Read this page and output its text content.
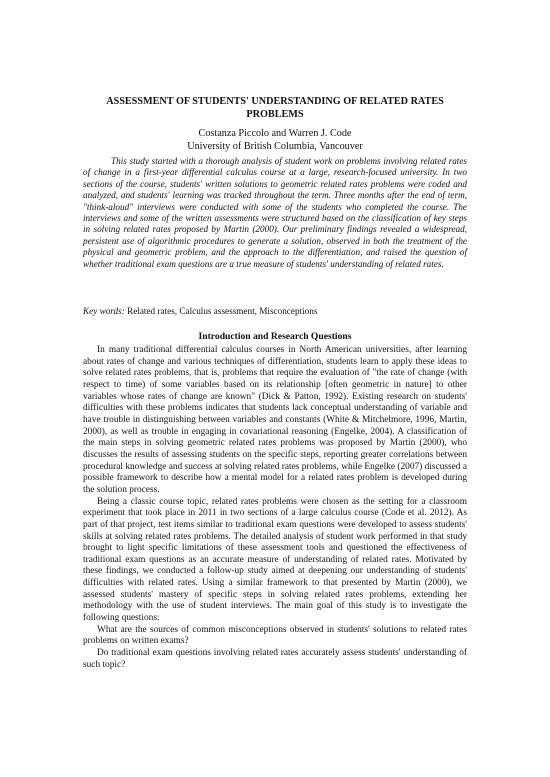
ASSESSMENT OF STUDENTS' UNDERSTANDING OF RELATED RATES PROBLEMS
Costanza Piccolo and Warren J. Code
University of British Columbia, Vancouver
This study started with a thorough analysis of student work on problems involving related rates of change in a first-year differential calculus course at a large, research-focused university. In two sections of the course, students' written solutions to geometric related rates problems were coded and analyzed, and students' learning was tracked throughout the term. Three months after the end of term, "think-aloud" interviews were conducted with some of the students who completed the course. The interviews and some of the written assessments were structured based on the classification of key steps in solving related rates proposed by Martin (2000). Our preliminary findings revealed a widespread, persistent use of algorithmic procedures to generate a solution, observed in both the treatment of the physical and geometric problem, and the approach to the differentiation, and raised the question of whether traditional exam questions are a true measure of students' understanding of related rates.
Key words: Related rates, Calculus assessment, Misconceptions
Introduction and Research Questions

In many traditional differential calculus courses in North American universities, after learning about rates of change and various techniques of differentiation, students learn to apply these ideas to solve related rates problems, that is, problems that require the evaluation of "the rate of change (with respect to time) of some variables based on its relationship [often geometric in nature] to other variables whose rates of change are known" (Dick & Patton, 1992). Existing research on students' difficulties with these problems indicates that students lack conceptual understanding of variable and have trouble in distinguishing between variables and constants (White & Mitchelmore, 1996, Martin, 2000), as well as trouble in engaging in covariational reasoning (Engelke, 2004). A classification of the main steps in solving geometric related rates problems was proposed by Martin (2000), who discusses the results of assessing students on the specific steps, reporting greater correlations between procedural knowledge and success at solving related rates problems, while Engelke (2007) discussed a possible framework to describe how a mental model for a related rates problem is developed during the solution process.

Being a classic course topic, related rates problems were chosen as the setting for a classroom experiment that took place in 2011 in two sections of a large calculus course (Code et al. 2012). As part of that project, test items similar to traditional exam questions were developed to assess students' skills at solving related rates problems. The detailed analysis of student work performed in that study brought to light specific limitations of these assessment tools and questioned the effectiveness of traditional exam questions as an accurate measure of understanding of related rates. Motivated by these findings, we conducted a follow-up study aimed at deepening our understanding of students' difficulties with related rates. Using a similar framework to that presented by Martin (2000), we assessed students' mastery of specific steps in solving related rates problems, extending her methodology with the use of student interviews. The main goal of this study is to investigate the following questions:

What are the sources of common misconceptions observed in students' solutions to related rates problems on written exams?

Do traditional exam questions involving related rates accurately assess students' understanding of such topic?
